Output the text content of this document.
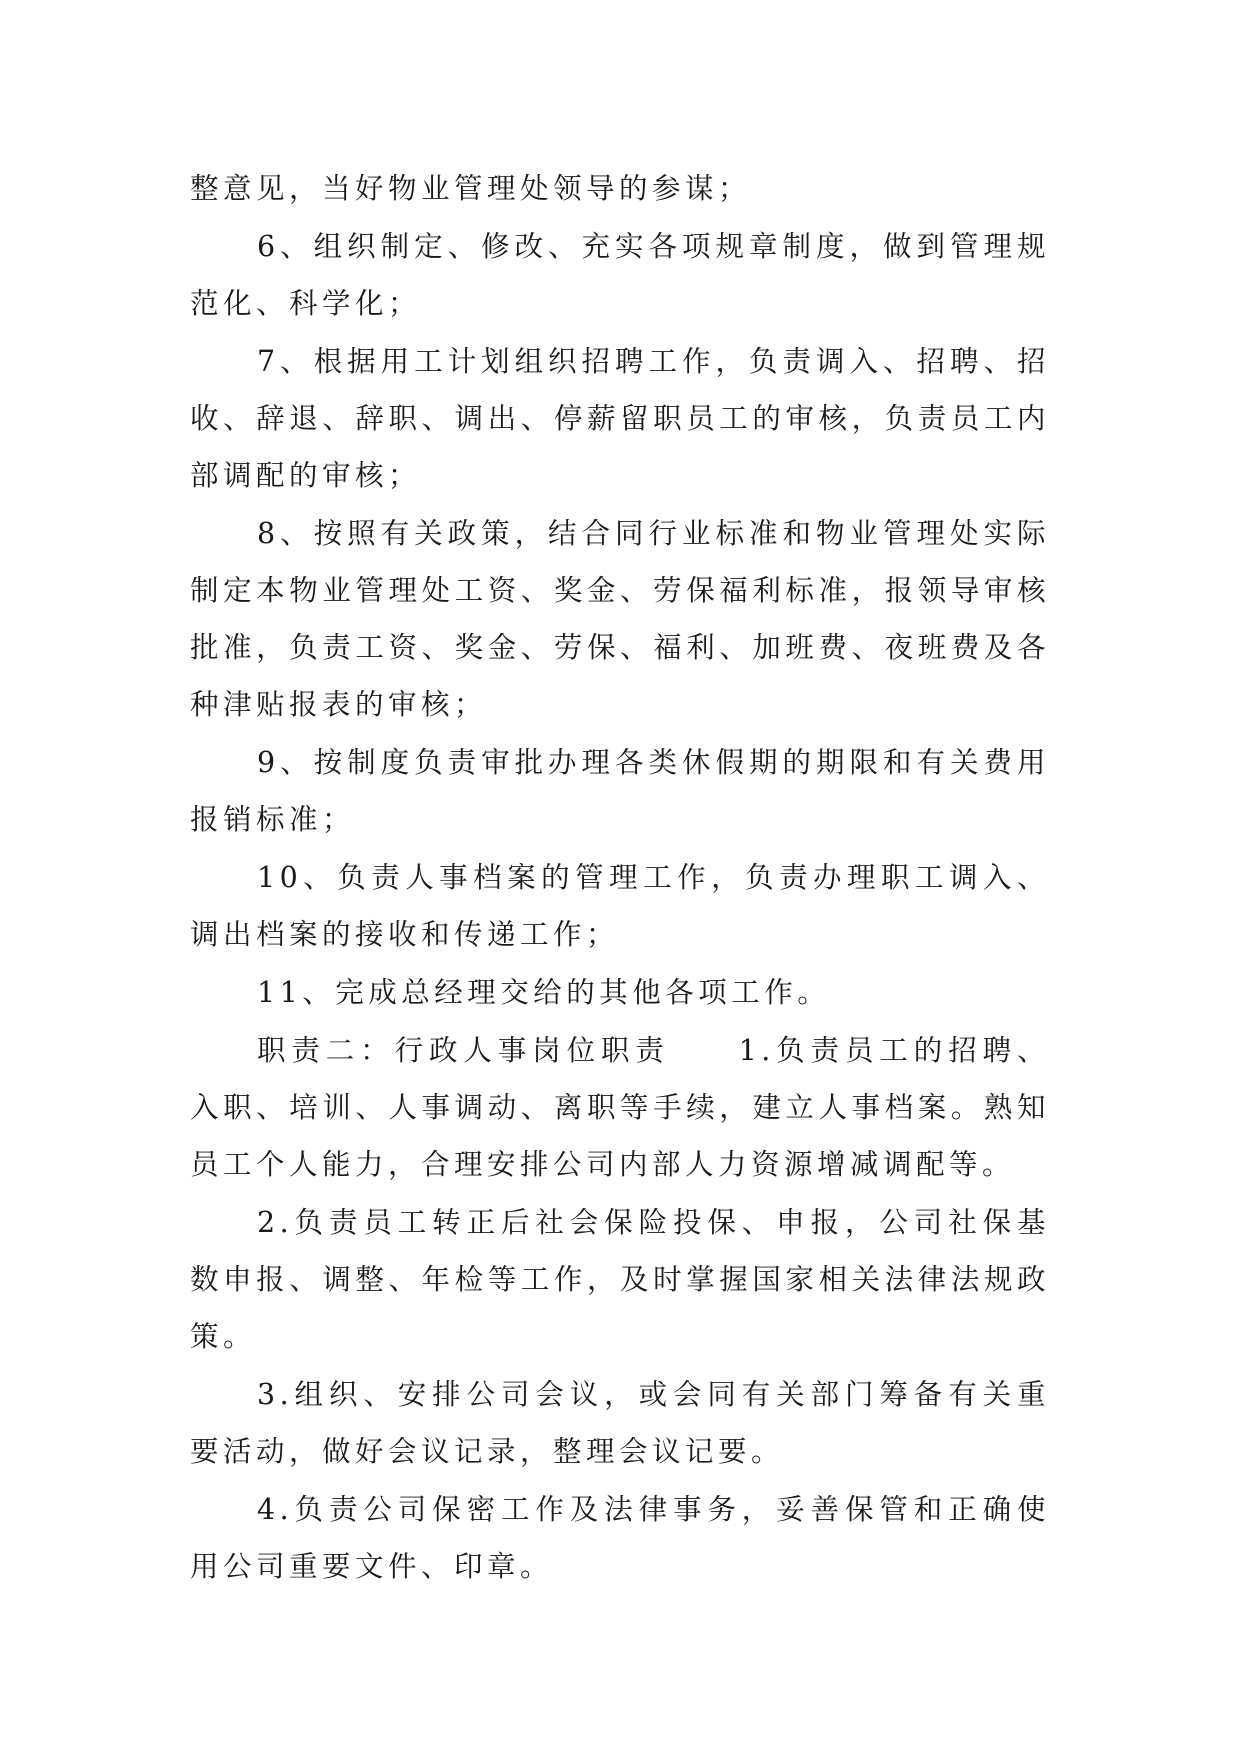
整意见，当好物业管理处领导的参谋；

6、组织制定、修改、充实各项规章制度，做到管理规范化、科学化；

7、根据用工计划组织招聘工作，负责调入、招聘、招收、辞退、辞职、调出、停薪留职员工的审核，负责员工内部调配的审核；

8、按照有关政策，结合同行业标准和物业管理处实际制定本物业管理处工资、奖金、劳保福利标准，报领导审核批准，负责工资、奖金、劳保、福利、加班费、夜班费及各种津贴报表的审核；

9、按制度负责审批办理各类休假期的期限和有关费用报销标准；

10、负责人事档案的管理工作，负责办理职工调入、调出档案的接收和传递工作；

11、完成总经理交给的其他各项工作。

职责二：行政人事岗位职责　　1.负责员工的招聘、入职、培训、人事调动、离职等手续，建立人事档案。熟知员工个人能力，合理安排公司内部人力资源增减调配等。

2.负责员工转正后社会保险投保、申报，公司社保基数申报、调整、年检等工作，及时掌握国家相关法律法规政策。

3.组织、安排公司会议，或会同有关部门筹备有关重要活动，做好会议记录，整理会议记要。

4.负责公司保密工作及法律事务，妥善保管和正确使用公司重要文件、印章。
